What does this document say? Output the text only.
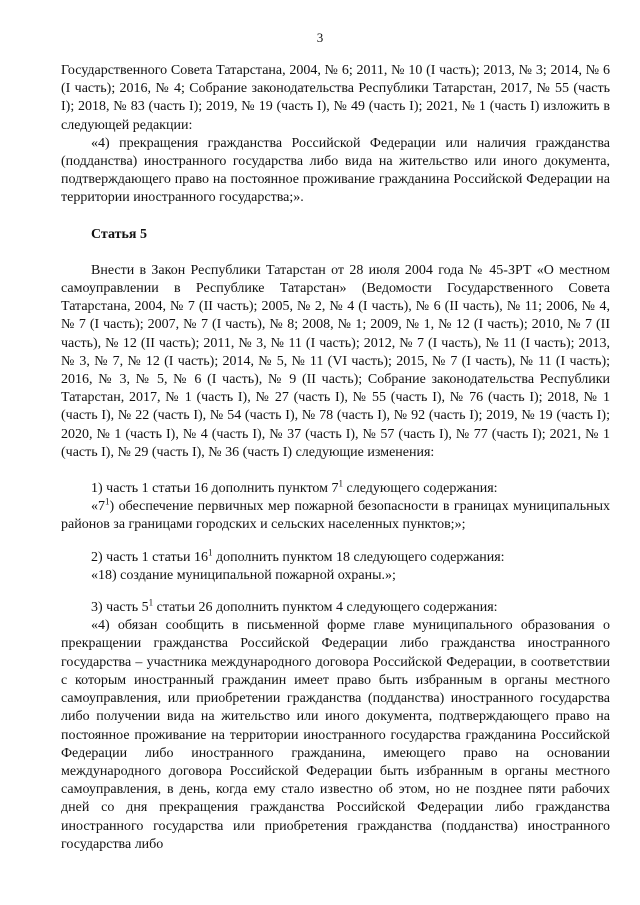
3

Государственного Совета Татарстана, 2004, № 6; 2011, № 10 (I часть); 2013, № 3; 2014, № 6 (I часть); 2016, № 4; Собрание законодательства Республики Татарстан, 2017, № 55 (часть I); 2018, № 83 (часть I); 2019, № 19 (часть I), № 49 (часть I); 2021, № 1 (часть I) изложить в следующей редакции:

«4) прекращения гражданства Российской Федерации или наличия гражданства (подданства) иностранного государства либо вида на жительство или иного документа, подтверждающего право на постоянное проживание гражданина Российской Федерации на территории иностранного государства;».

Статья 5

Внести в Закон Республики Татарстан от 28 июля 2004 года № 45-ЗРТ «О местном самоуправлении в Республике Татарстан» (Ведомости Государственного Совета Татарстана, 2004, № 7 (II часть); 2005, № 2, № 4 (I часть), № 6 (II часть), № 11; 2006, № 4, № 7 (I часть); 2007, № 7 (I часть), № 8; 2008, № 1; 2009, № 1, № 12 (I часть); 2010, № 7 (II часть), № 12 (II часть); 2011, № 3, № 11 (I часть); 2012, № 7 (I часть), № 11 (I часть); 2013, № 3, № 7, № 12 (I часть); 2014, № 5, № 11 (VI часть); 2015, № 7 (I часть), № 11 (I часть); 2016, № 3, № 5, № 6 (I часть), № 9 (II часть); Собрание законодательства Республики Татарстан, 2017, № 1 (часть I), № 27 (часть I), № 55 (часть I), № 76 (часть I); 2018, № 1 (часть I), № 22 (часть I), № 54 (часть I), № 78 (часть I), № 92 (часть I); 2019, № 19 (часть I); 2020, № 1 (часть I), № 4 (часть I), № 37 (часть I), № 57 (часть I), № 77 (часть I); 2021, № 1 (часть I), № 29 (часть I), № 36 (часть I) следующие изменения:

1) часть 1 статьи 16 дополнить пунктом $7^1$ следующего содержания:

«$7^1$) обеспечение первичных мер пожарной безопасности в границах муниципальных районов за границами городских и сельских населенных пунктов;»;

2) часть 1 статьи $16^1$ дополнить пунктом 18 следующего содержания:

«18) создание муниципальной пожарной охраны.»;

3) часть $5^1$ статьи 26 дополнить пунктом 4 следующего содержания:

«4) обязан сообщить в письменной форме главе муниципального образования о прекращении гражданства Российской Федерации либо гражданства иностранного государства – участника международного договора Российской Федерации, в соответствии с которым иностранный гражданин имеет право быть избранным в органы местного самоуправления, или приобретении гражданства (подданства) иностранного государства либо получении вида на жительство или иного документа, подтверждающего право на постоянное проживание на территории иностранного государства гражданина Российской Федерации либо иностранного гражданина, имеющего право на основании международного договора Российской Федерации быть избранным в органы местного самоуправления, в день, когда ему стало известно об этом, но не позднее пяти рабочих дней со дня прекращения гражданства Российской Федерации либо гражданства иностранного государства или приобретения гражданства (подданства) иностранного государства либо
